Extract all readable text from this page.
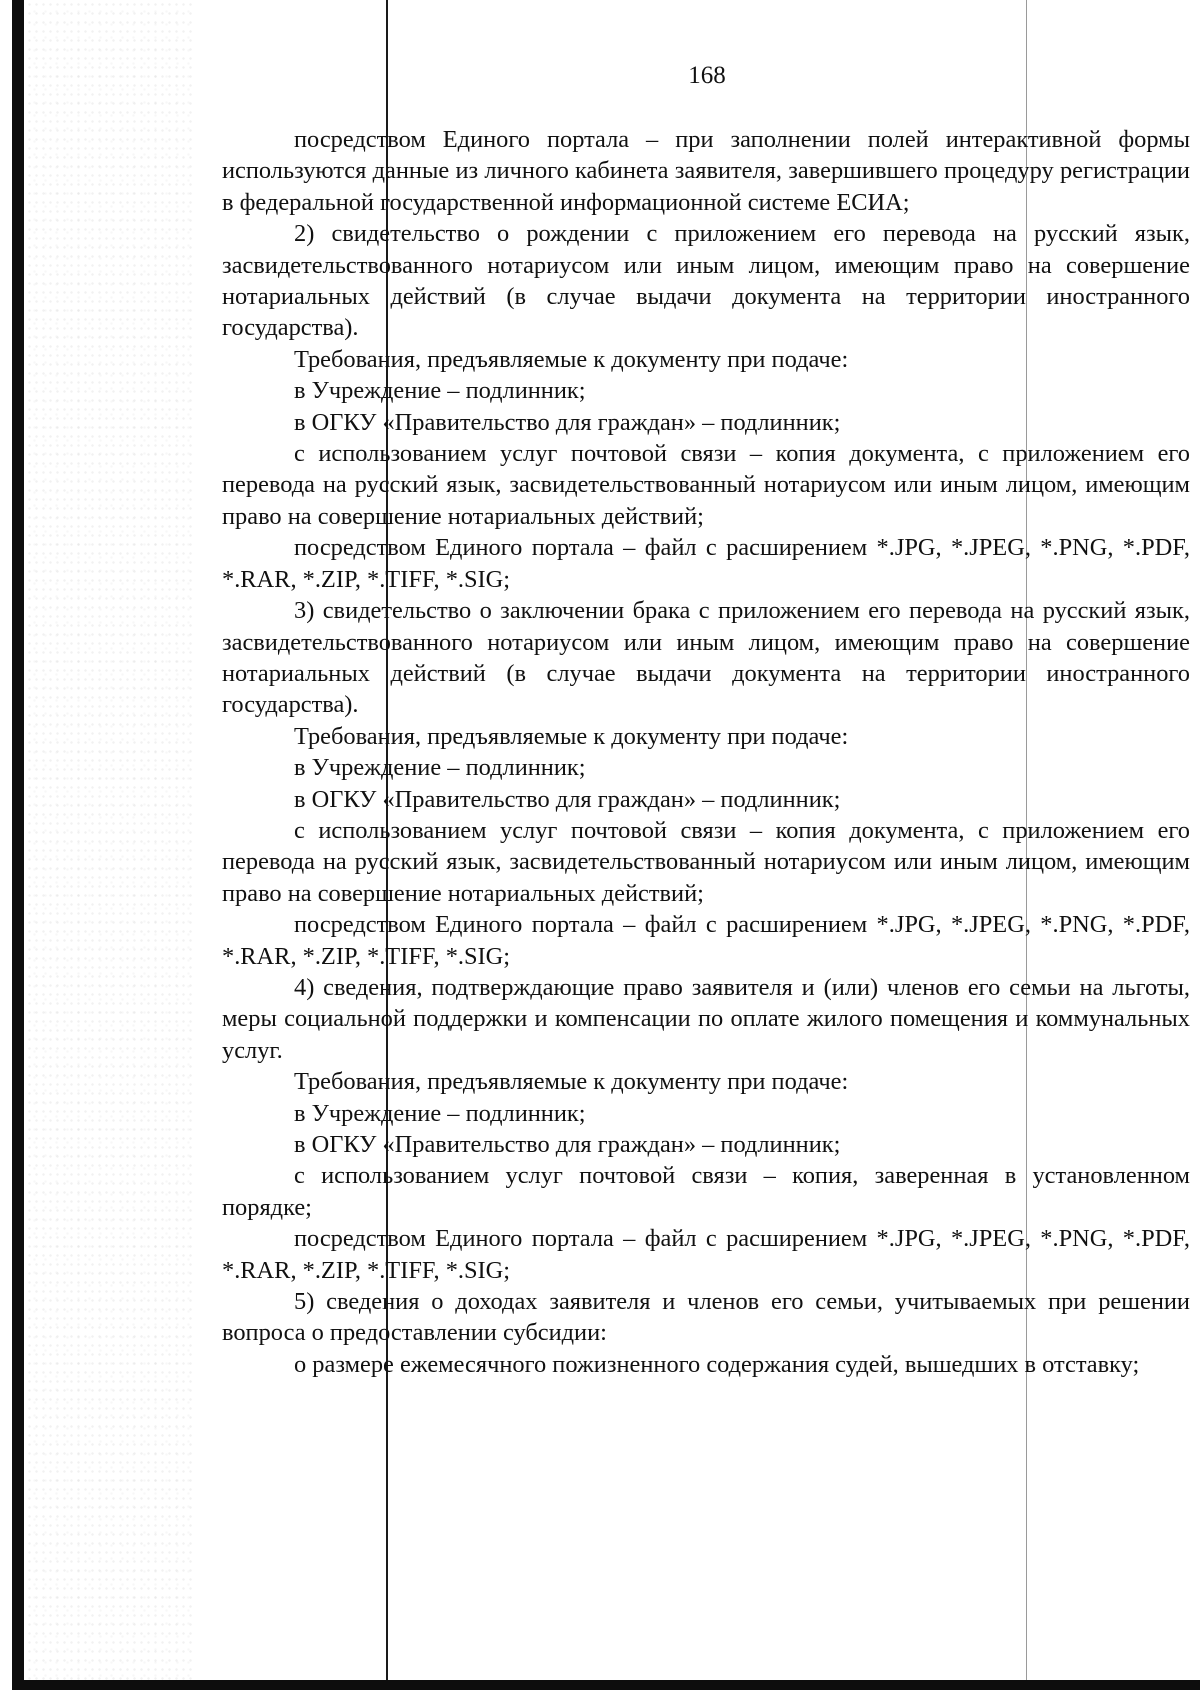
168

посредством Единого портала – при заполнении полей интерактивной формы используются данные из личного кабинета заявителя, завершившего процедуру регистрации в федеральной государственной информационной системе ЕСИА;

2) свидетельство о рождении с приложением его перевода на русский язык, засвидетельствованного нотариусом или иным лицом, имеющим право на совершение нотариальных действий (в случае выдачи документа на территории иностранного государства).

Требования, предъявляемые к документу при подаче:

в Учреждение – подлинник;

в ОГКУ «Правительство для граждан» – подлинник;

с использованием услуг почтовой связи – копия документа, с приложением его перевода на русский язык, засвидетельствованный нотариусом или иным лицом, имеющим право на совершение нотариальных действий;

посредством Единого портала – файл с расширением *.JPG, *.JPEG, *.PNG, *.PDF, *.RAR, *.ZIP, *.TIFF, *.SIG;

3) свидетельство о заключении брака с приложением его перевода на русский язык, засвидетельствованного нотариусом или иным лицом, имеющим право на совершение нотариальных действий (в случае выдачи документа на территории иностранного государства).

Требования, предъявляемые к документу при подаче:

в Учреждение – подлинник;

в ОГКУ «Правительство для граждан» – подлинник;

с использованием услуг почтовой связи – копия документа, с приложением его перевода на русский язык, засвидетельствованный нотариусом или иным лицом, имеющим право на совершение нотариальных действий;

посредством Единого портала – файл с расширением *.JPG, *.JPEG, *.PNG, *.PDF, *.RAR, *.ZIP, *.TIFF, *.SIG;

4) сведения, подтверждающие право заявителя и (или) членов его семьи на льготы, меры социальной поддержки и компенсации по оплате жилого помещения и коммунальных услуг.

Требования, предъявляемые к документу при подаче:

в Учреждение – подлинник;

в ОГКУ «Правительство для граждан» – подлинник;

с использованием услуг почтовой связи – копия, заверенная в установленном порядке;

посредством Единого портала – файл с расширением *.JPG, *.JPEG, *.PNG, *.PDF, *.RAR, *.ZIP, *.TIFF, *.SIG;

5) сведения о доходах заявителя и членов его семьи, учитываемых при решении вопроса о предоставлении субсидии:

о размере ежемесячного пожизненного содержания судей, вышедших в отставку;
